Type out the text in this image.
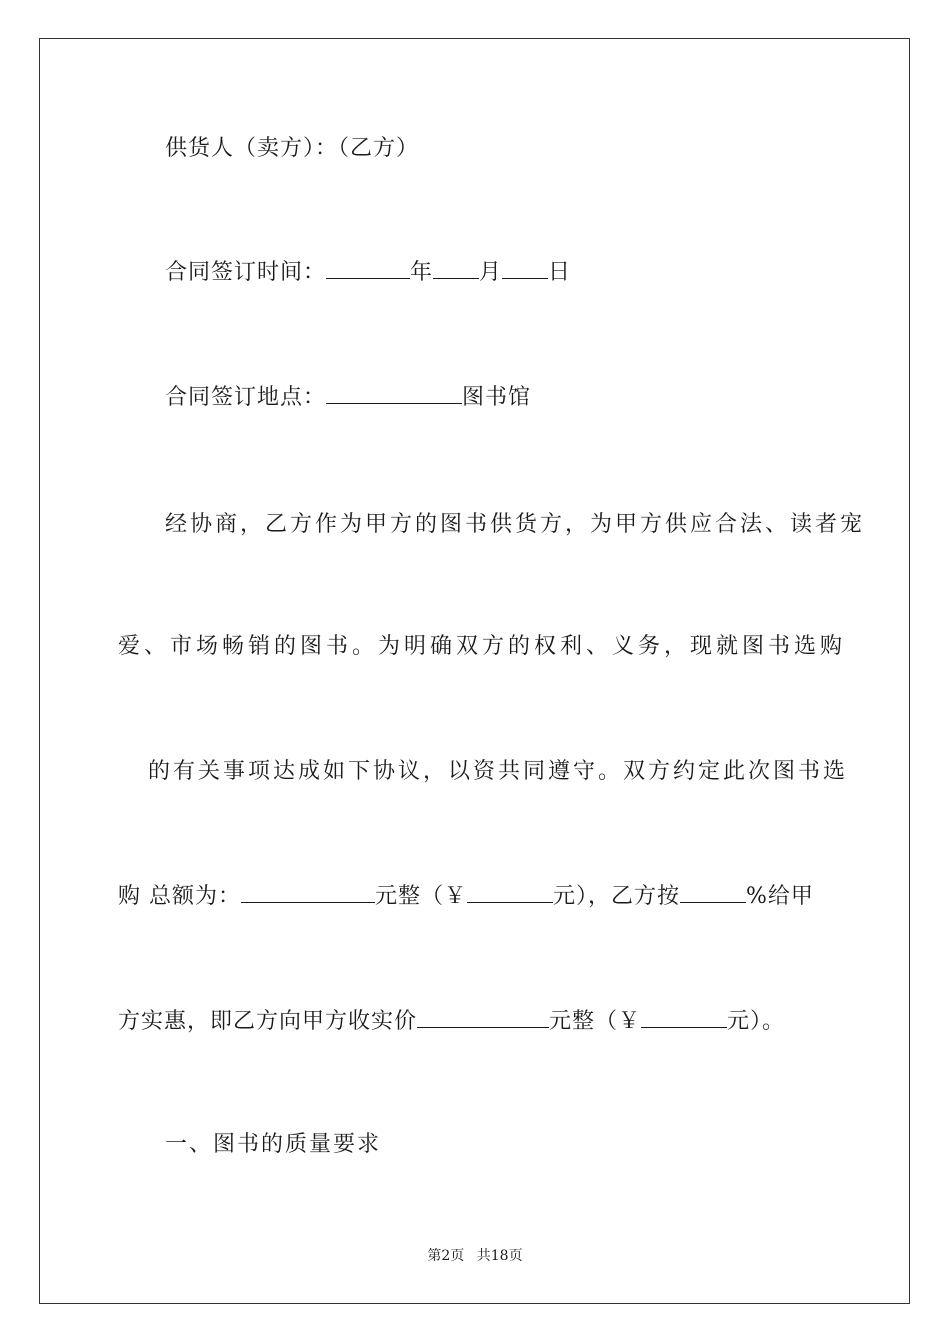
供货人（卖方）：（乙方）
合同签订时间：	年 月 日
合同签订地点：	图书馆
经协商，乙方作为甲方的图书供货方，为甲方供应合法、读者宠
爱、市场畅销的图书。为明确双方的权利、义务，现就图书选购
的有关事项达成如下协议，以资共同遵守。双方约定此次图书选
购 总额为：	元整（￥	元），乙方按	%给甲
方实惠，即乙方向甲方收实价	元整（￥	元）。
一、图书的质量要求
第2页 共18页
